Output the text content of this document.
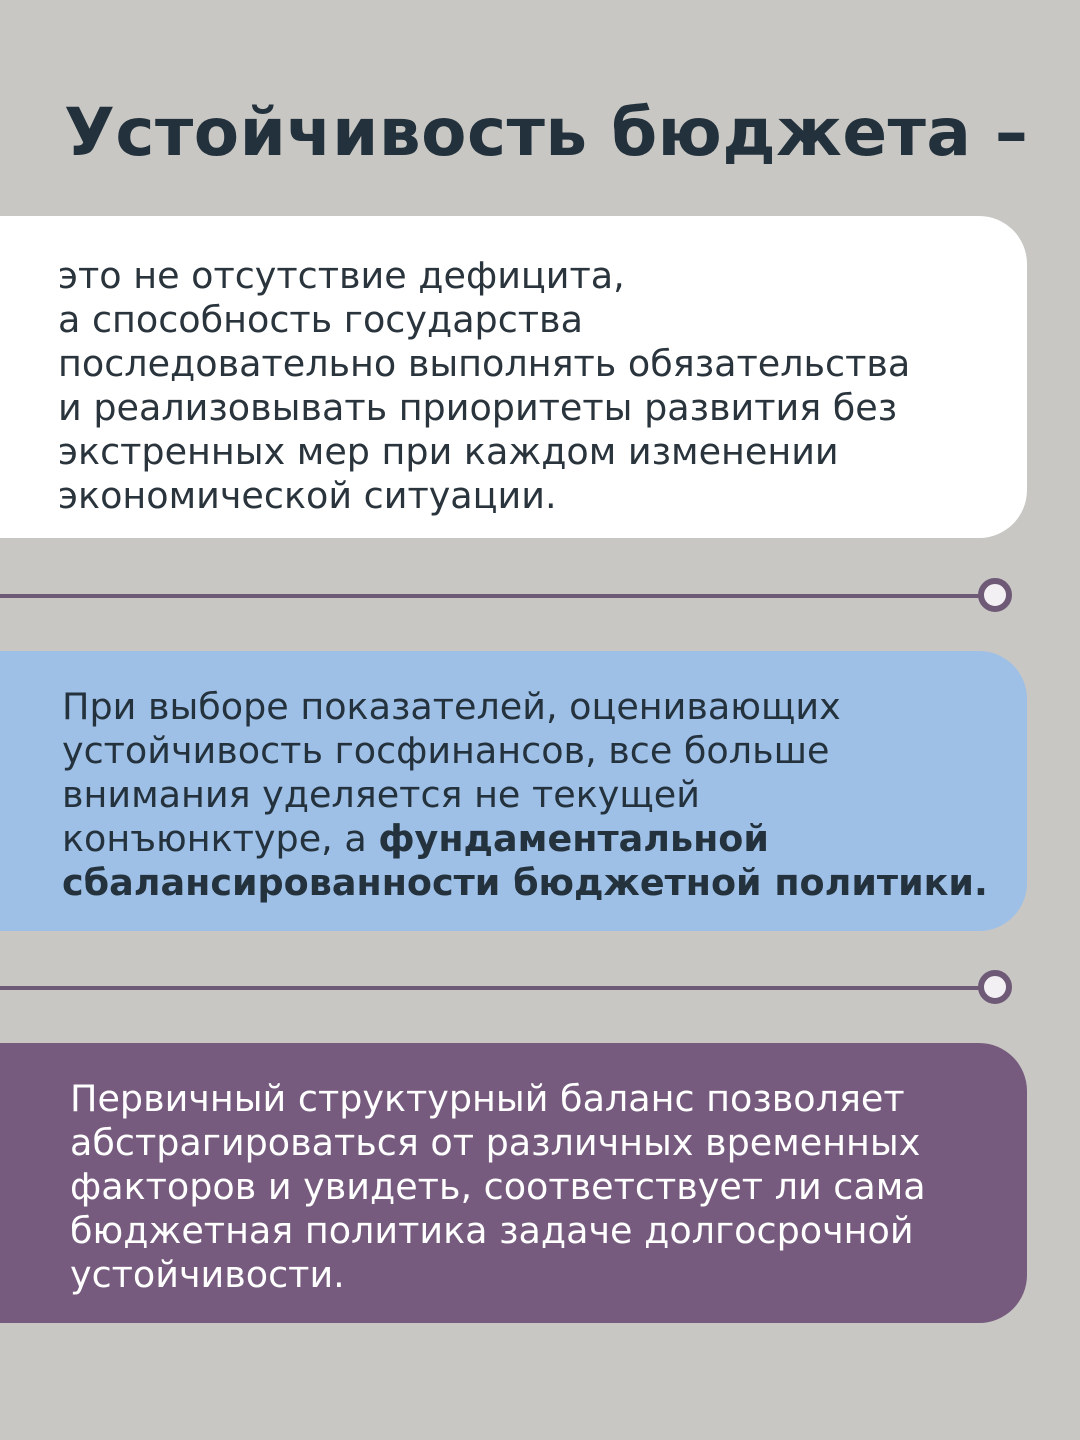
Устойчивость бюджета –

это не отсутствие дефицита,
а способность государства
последовательно выполнять обязательства
и реализовывать приоритеты развития без
экстренных мер при каждом изменении
экономической ситуации.

При выборе показателей, оценивающих
устойчивость госфинансов, все больше
внимания уделяется не текущей
конъюнктуре, а фундаментальной
сбалансированности бюджетной политики.

Первичный структурный баланс позволяет
абстрагироваться от различных временных
факторов и увидеть, соответствует ли сама
бюджетная политика задаче долгосрочной
устойчивости.
